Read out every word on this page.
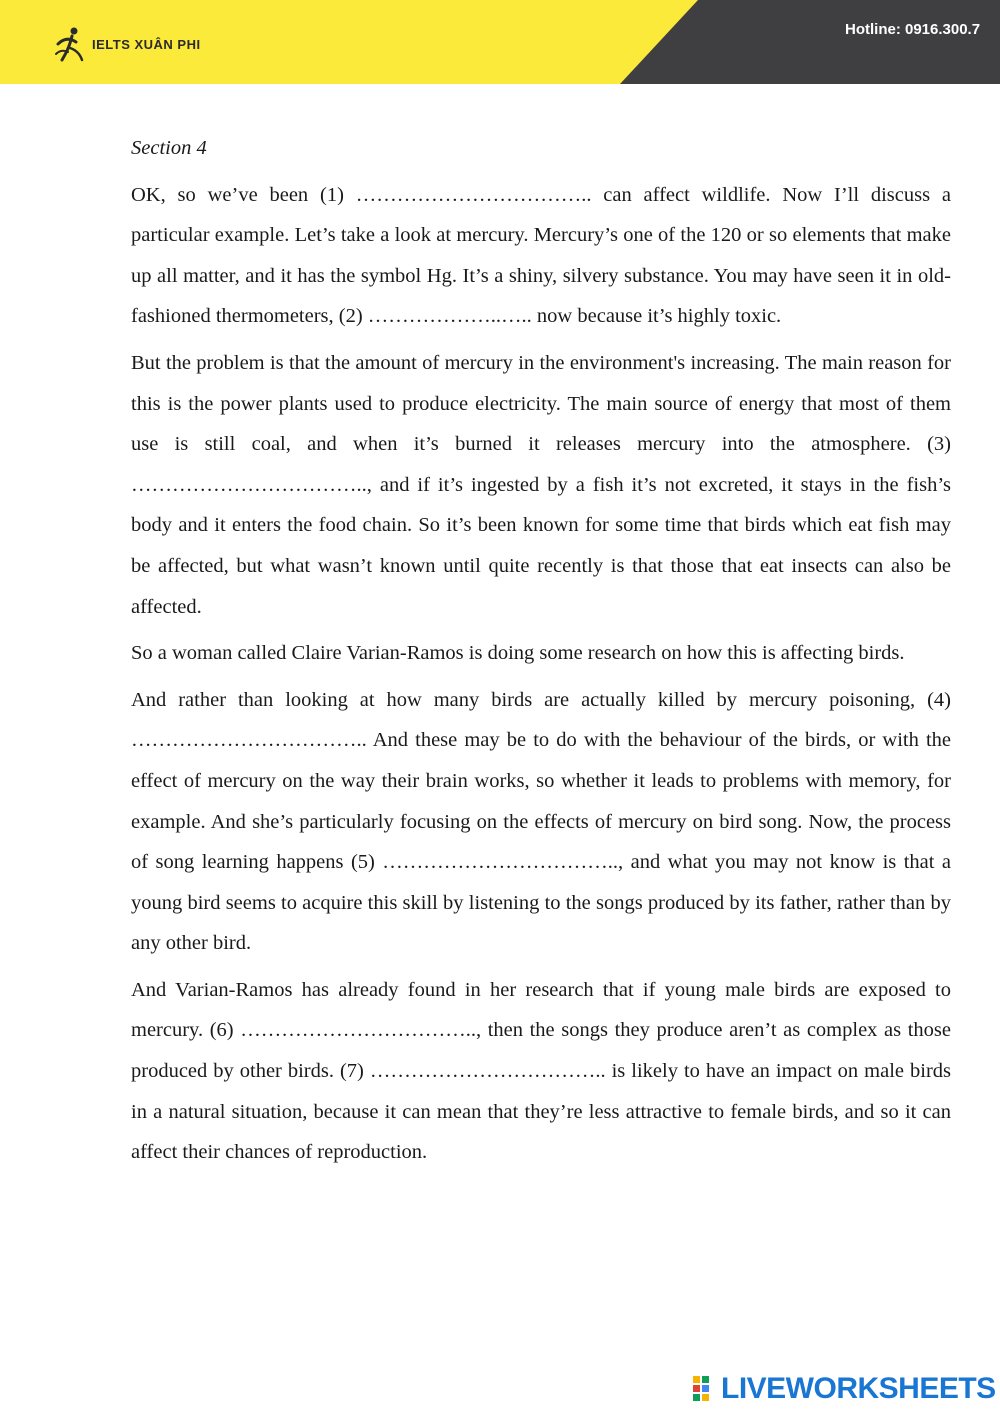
IELTS XUÂN PHI
Hotline: 0916.300.7

Section 4

OK, so we’ve been (1) …………………………….. can affect wildlife. Now I’ll discuss a particular example. Let’s take a look at mercury. Mercury’s one of the 120 or so elements that make up all matter, and it has the symbol Hg. It’s a shiny, silvery substance. You may have seen it in old-fashioned thermometers, (2) ………………..….. now because it’s highly toxic.

But the problem is that the amount of mercury in the environment's increasing. The main reason for this is the power plants used to produce electricity. The main source of energy that most of them use is still coal, and when it’s burned it releases mercury into the atmosphere. (3) …………………………….., and if it’s ingested by a fish it’s not excreted, it stays in the fish’s body and it enters the food chain. So it’s been known for some time that birds which eat fish may be affected, but what wasn’t known until quite recently is that those that eat insects can also be affected.

So a woman called Claire Varian-Ramos is doing some research on how this is affecting birds.

And rather than looking at how many birds are actually killed by mercury poisoning, (4) …………………………….. And these may be to do with the behaviour of the birds, or with the effect of mercury on the way their brain works, so whether it leads to problems with memory, for example. And she’s particularly focusing on the effects of mercury on bird song. Now, the process of song learning happens (5) …………………………….., and what you may not know is that a young bird seems to acquire this skill by listening to the songs produced by its father, rather than by any other bird.

And Varian-Ramos has already found in her research that if young male birds are exposed to mercury. (6) …………………………….., then the songs they produce aren’t as complex as those produced by other birds. (7) …………………………….. is likely to have an impact on male birds in a natural situation, because it can mean that they’re less attractive to female birds, and so it can affect their chances of reproduction.

LIVEWORKSHEETS
